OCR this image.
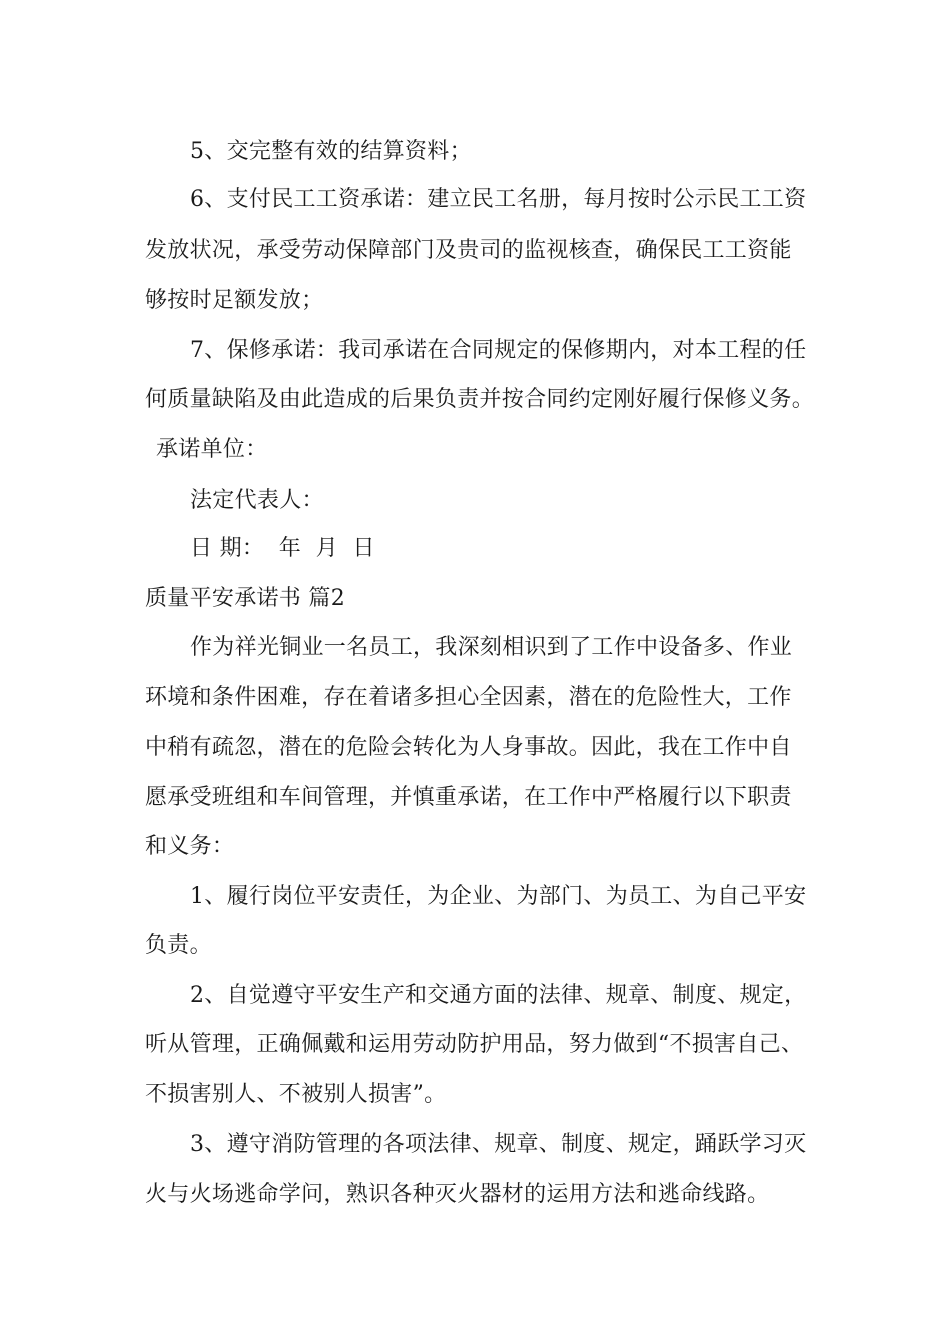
5、交完整有效的结算资料；
6、支付民工工资承诺：建立民工名册，每月按时公示民工工资
发放状况，承受劳动保障部门及贵司的监视核查，确保民工工资能
够按时足额发放；
7、保修承诺：我司承诺在合同规定的保修期内，对本工程的任
何质量缺陷及由此造成的后果负责并按合同约定刚好履行保修义务。
承诺单位：
法定代表人：
日 期：  年  月  日
质量平安承诺书 篇2
作为祥光铜业一名员工，我深刻相识到了工作中设备多、作业
环境和条件困难，存在着诸多担心全因素，潜在的危险性大，工作
中稍有疏忽，潜在的危险会转化为人身事故。因此，我在工作中自
愿承受班组和车间管理，并慎重承诺，在工作中严格履行以下职责
和义务：
1、履行岗位平安责任，为企业、为部门、为员工、为自己平安
负责。
2、自觉遵守平安生产和交通方面的法律、规章、制度、规定，
听从管理，正确佩戴和运用劳动防护用品，努力做到“不损害自己、
不损害别人、不被别人损害”。
3、遵守消防管理的各项法律、规章、制度、规定，踊跃学习灭
火与火场逃命学问，熟识各种灭火器材的运用方法和逃命线路。
